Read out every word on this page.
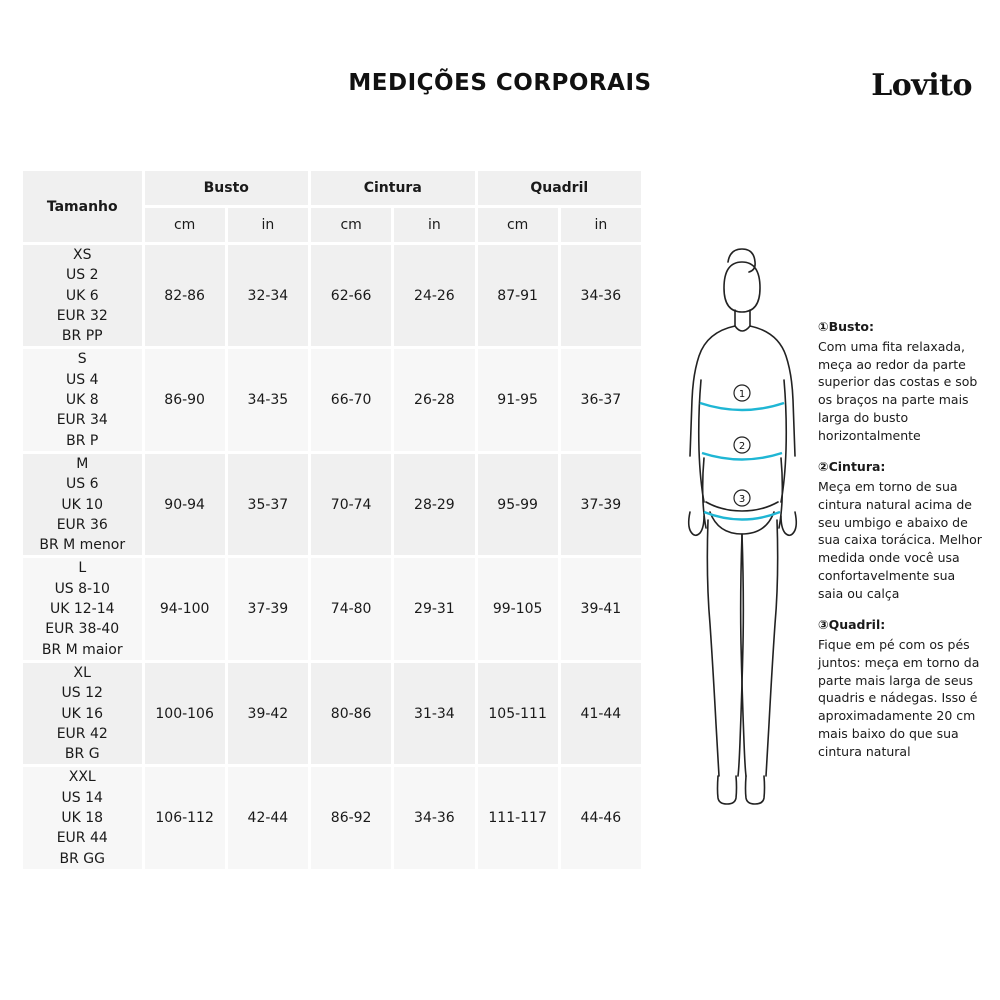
MEDIÇÕES CORPORAIS	Lovito
Tamanho	Busto		Cintura		Quadril	
	cm	in	cm	in	cm	in

XS
US 2
UK 6
EUR 32
BR PP	82-86	32-34	62-66	24-26	87-91	34-36

S
US 4
UK 8
EUR 34
BR P	86-90	34-35	66-70	26-28	91-95	36-37

M
US 6
UK 10
EUR 36
BR M menor	90-94	35-37	70-74	28-29	95-99	37-39

L
US 8-10
UK 12-14
EUR 38-40
BR M maior	94-100	37-39	74-80	29-31	99-105	39-41

XL
US 12
UK 16
EUR 42
BR G	100-106	39-42	80-86	31-34	105-111	41-44

XXL
US 14
UK 18
EUR 44
BR GG	106-112	42-44	86-92	34-36	111-117	44-46
1
2
3
①Busto:
Com uma fita relaxada, meça ao redor da parte superior das costas e sob os braços na parte mais larga do busto horizontalmente
②Cintura:
Meça em torno de sua cintura natural acima de seu umbigo e abaixo de sua caixa torácica. Melhor medida onde você usa confortavelmente sua saia ou calça
③Quadril:
Fique em pé com os pés juntos: meça em torno da parte mais larga de seus quadris e nádegas. Isso é aproximadamente 20 cm mais baixo do que sua cintura natural
